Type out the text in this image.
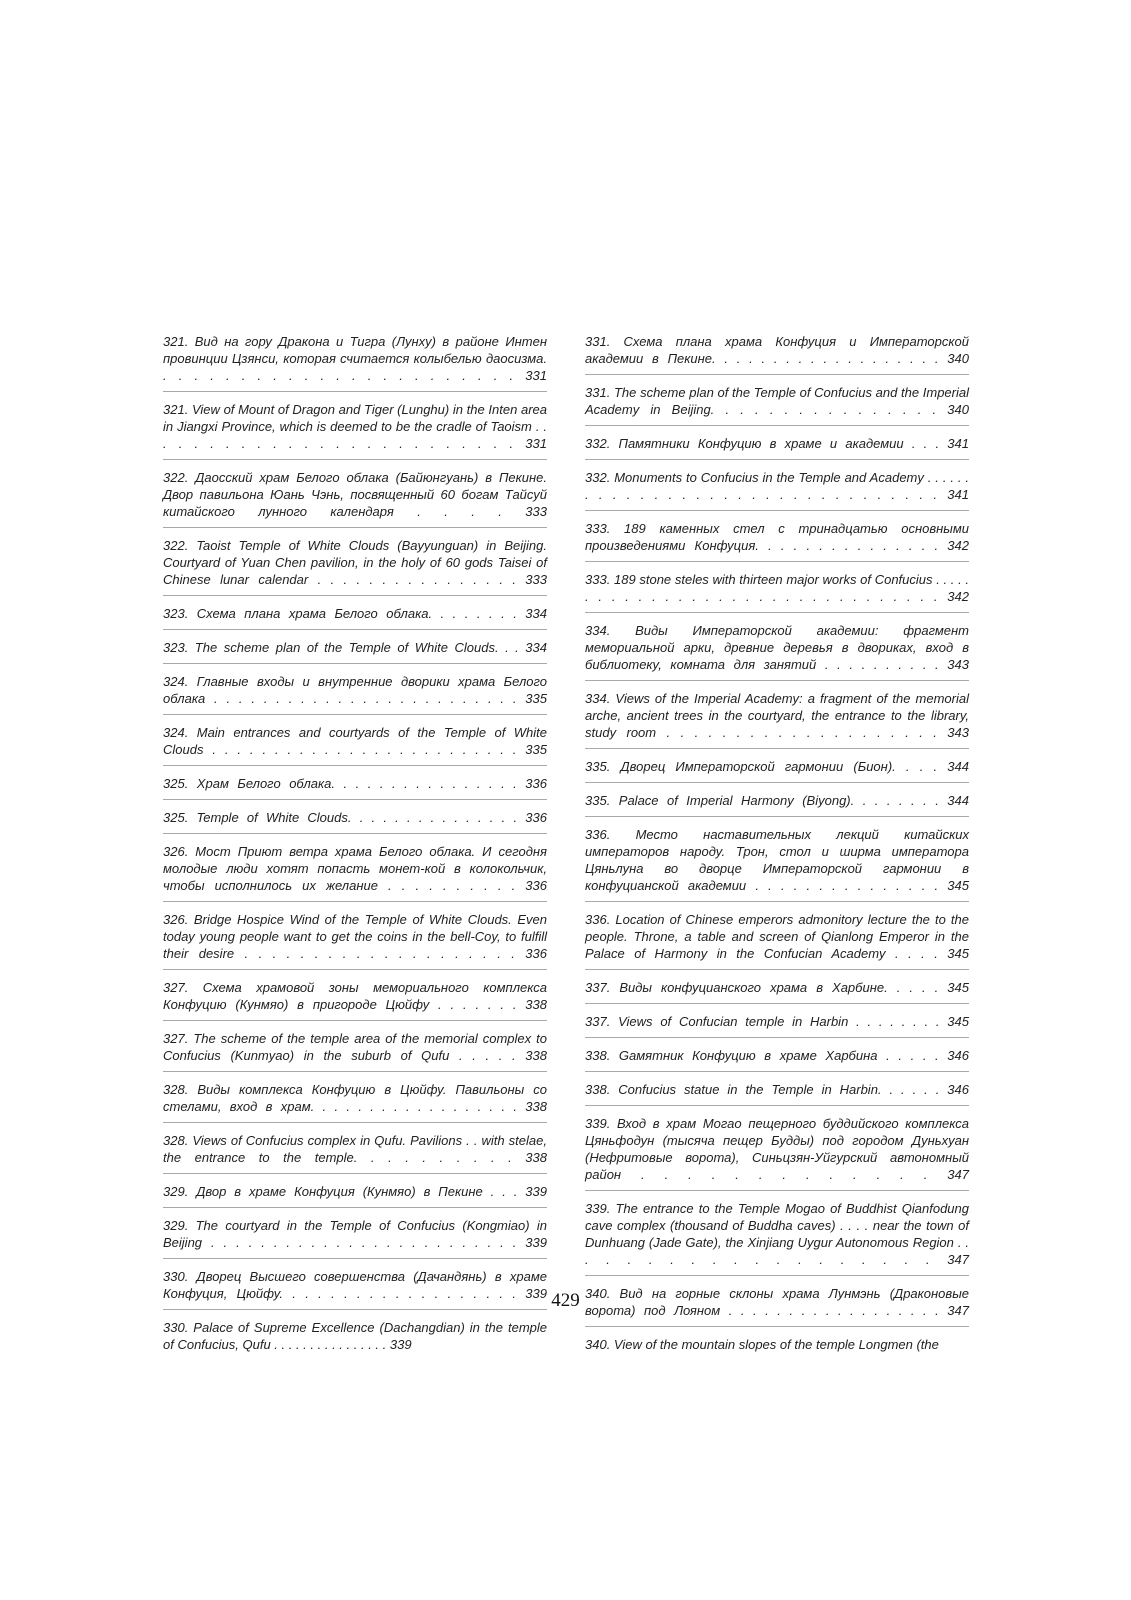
321. Вид на гору Дракона и Тигра (Лунху) в районе Интен провинции Цзянси, которая считается колыбелью даосизма. . . . . . . . . . . . . . . . . . . . . . . . 331
321. View of Mount of Dragon and Tiger (Lunghu) in the Inten area in Jiangxi Province, which is deemed to be the cradle of Taoism . . . . . . . . . . . . . . . . . . . . . . . . . 331
322. Даосский храм Белого облака (Байюнгуань) в Пекине. Двор павильона Юань Чэнь, посвященный 60 богам Тайсуй китайского лунного календаря . . . . 333
322. Taoist Temple of White Clouds (Bayyunguan) in Beijing. Courtyard of Yuan Chen pavilion, in the holy of 60 gods Taisei of Chinese lunar calendar . . . . . . . . . . . . . . . . 333
323. Схема плана храма Белого облака. . . . . . . . 334
323. The scheme plan of the Temple of White Clouds. . . 334
324. Главные входы и внутренние дворики храма Белого облака . . . . . . . . . . . . . . . . . . . . . . . . . 335
324. Main entrances and courtyards of the Temple of White Clouds . . . . . . . . . . . . . . . . . . . . . . . . . 335
325. Храм Белого облака. . . . . . . . . . . . . . . . 336
325. Temple of White Clouds. . . . . . . . . . . . . . . 336
326. Мост Приют ветра храма Белого облака. И сегодня молодые люди хотят попасть монет-кой в колокольчик, чтобы исполнилось их желание . . . . . . . . . . 336
326. Bridge Hospice Wind of the Temple of White Clouds. Even today young people want to get the coins in the bell-Coy, to fulfill their desire . . . . . . . . . . . . . . . . . . . . 336
327. Схема храмовой зоны мемориального комплекса Конфуцию (Кунмяо) в пригороде Цюйфу . . . . . . . 338
327. The scheme of the temple area of the memorial complex to Confucius (Kunmyao) in the suburb of Qufu . . . . . 338
328. Виды комплекса Конфуцию в Цюйфу. Павильоны со стелами, вход в храм. . . . . . . . . . . . . . . . . . 338
328. Views of Confucius complex in Qufu. Pavilions . . with stelae, the entrance to the temple. . . . . . . . . . 338
329. Двор в храме Конфуция (Кунмяо) в Пекине . . . 339
329. The courtyard in the Temple of Confucius (Kongmiao) in Beijing . . . . . . . . . . . . . . . . . . . . . . . . . 339
330. Дворец Высшего совершенства (Дачандянь) в храме Конфуция, Цюйфу. . . . . . . . . . . . . . . . . . . 339
330. Palace of Supreme Excellence (Dachangdian) in the temple of Confucius, Qufu . . . . . . . . . . . . . . . . 339
331. Схема плана храма Конфуция и Императорской академии в Пекине. . . . . . . . . . . . . . . . . . . 340
331. The scheme plan of the Temple of Confucius and the Imperial Academy in Beijing. . . . . . . . . . . . . . . . 340
332. Памятники Конфуцию в храме и академии . . . 341
332. Monuments to Confucius in the Temple and Academy . . . . . . . . . . . . . . . . . . . . . . . . . . . . . . . . 341
333. 189 каменных стел с тринадцатью основными произведениями Конфуция. . . . . . . . . . . . . . . 342
333. 189 stone steles with thirteen major works of Confucius . . . . . . . . . . . . . . . . . . . . . . . . . . . . . . . . 342
334. Виды Императорской академии: фрагмент мемориальной арки, древние деревья в двориках, вход в библиотеку, комната для занятий . . . . . . . . . . 343
334. Views of the Imperial Academy: a fragment of the memorial arche, ancient trees in the courtyard, the entrance to the library, study room . . . . . . . . . . . . . . . . . . . . 343
335. Дворец Императорской гармонии (Бион). . . . 344
335. Palace of Imperial Harmony (Biyong). . . . . . . . 344
336. Место наставительных лекций китайских императоров народу. Трон, стол и ширма императора Цяньлуна во дворце Императорской гармонии в конфуцианской академии . . . . . . . . . . . . . . . 345
336. Location of Chinese emperors admonitory lecture the to the people. Throne, a table and screen of Qianlong Emperor in the Palace of Harmony in the Confucian Academy . . . . 345
337. Виды конфуцианского храма в Харбине. . . . . 345
337. Views of Confucian temple in Harbin . . . . . . . . 345
338. Gамятник Конфуцию в храме Харбина . . . . . 346
338. Confucius statue in the Temple in Harbin. . . . . . 346
339. Вход в храм Могао пещерного буддийского комплекса Цяньфодун (тысяча пещер Будды) под городом Дуньхуан (Нефритовые ворота), Синьцзян-Уйгурский автономный район . . . . . . . . . . . . . 347
339. The entrance to the Temple Mogao of Buddhist Qianfodung cave complex (thousand of Buddha caves) . . . . near the town of Dunhuang (Jade Gate), the Xinjiang Uygur Autonomous Region . . . . . . . . . . . . . . . . . . . 347
340. Вид на горные склоны храма Лунмэнь (Драконовые ворота) под Лояном . . . . . . . . . . . . . . . . . . 347
340. View of the mountain slopes of the temple Longmen (the
429
